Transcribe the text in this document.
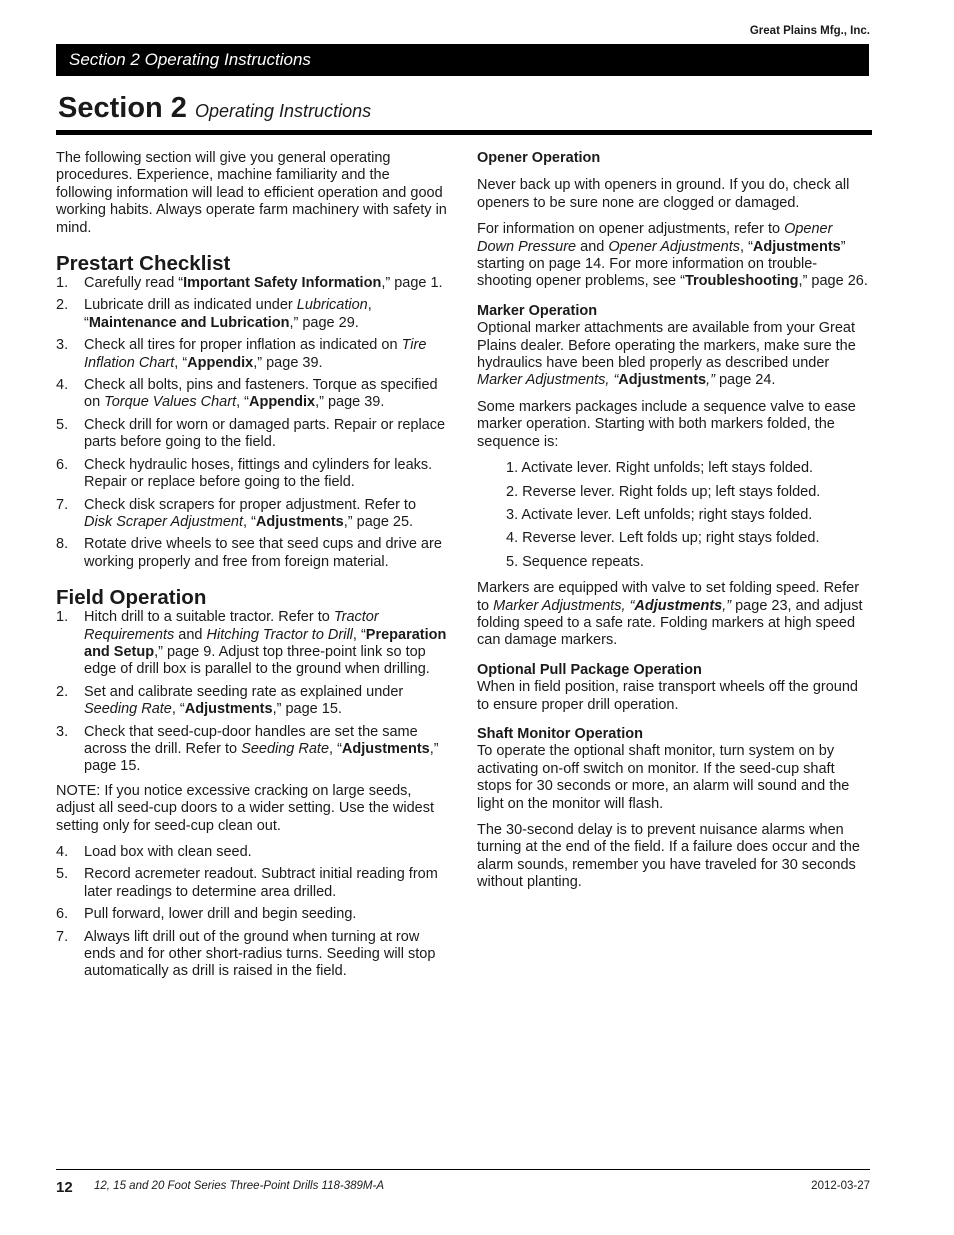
Great Plains Mfg., Inc.
Section 2 Operating Instructions
Section 2 Operating Instructions

The following section will give you general operating procedures. Experience, machine familiarity and the following information will lead to efficient operation and good working habits. Always operate farm machinery with safety in mind.

Prestart Checklist
1.	Carefully read “Important Safety Information,” page 1.
2.	Lubricate drill as indicated under Lubrication, “Maintenance and Lubrication,” page 29.
3.	Check all tires for proper inflation as indicated on Tire Inflation Chart, “Appendix,” page 39.
4.	Check all bolts, pins and fasteners. Torque as specified on Torque Values Chart, “Appendix,” page 39.
5.	Check drill for worn or damaged parts. Repair or replace parts before going to the field.
6.	Check hydraulic hoses, fittings and cylinders for leaks. Repair or replace before going to the field.
7.	Check disk scrapers for proper adjustment. Refer to Disk Scraper Adjustment, “Adjustments,” page 25.
8.	Rotate drive wheels to see that seed cups and drive are working properly and free from foreign material.
Field Operation
1.	Hitch drill to a suitable tractor. Refer to Tractor Requirements and Hitching Tractor to Drill, “Preparation and Setup,” page 9. Adjust top three-point link so top edge of drill box is parallel to the ground when drilling.
2.	Set and calibrate seeding rate as explained under Seeding Rate, “Adjustments,” page 15.
3.	Check that seed-cup-door handles are set the same across the drill. Refer to Seeding Rate, “Adjustments,” page 15.

NOTE: If you notice excessive cracking on large seeds, adjust all seed-cup doors to a wider setting. Use the widest setting only for seed-cup clean out.

4.	Load box with clean seed.
5.	Record acremeter readout. Subtract initial reading from later readings to determine area drilled.
6.	Pull forward, lower drill and begin seeding.
7.	Always lift drill out of the ground when turning at row ends and for other short-radius turns. Seeding will stop automatically as drill is raised in the field.
Opener Operation

Never back up with openers in ground. If you do, check all openers to be sure none are clogged or damaged.

For information on opener adjustments, refer to Opener Down Pressure and Opener Adjustments, “Adjustments” starting on page 14. For more information on trouble-shooting opener problems, see “Troubleshooting,” page 26.

Marker Operation

Optional marker attachments are available from your Great Plains dealer. Before operating the markers, make sure the hydraulics have been bled properly as described under Marker Adjustments, “Adjustments,” page 24.

Some markers packages include a sequence valve to ease marker operation. Starting with both markers folded, the sequence is:

1. Activate lever. Right unfolds; left stays folded.
2. Reverse lever. Right folds up; left stays folded.
3. Activate lever. Left unfolds; right stays folded.
4. Reverse lever. Left folds up; right stays folded.
5. Sequence repeats.

Markers are equipped with valve to set folding speed. Refer to Marker Adjustments, “Adjustments,” page 23, and adjust folding speed to a safe rate. Folding markers at high speed can damage markers.

Optional Pull Package Operation

When in field position, raise transport wheels off the ground to ensure proper drill operation.

Shaft Monitor Operation

To operate the optional shaft monitor, turn system on by activating on-off switch on monitor. If the seed-cup shaft stops for 30 seconds or more, an alarm will sound and the light on the monitor will flash.

The 30-second delay is to prevent nuisance alarms when turning at the end of the field. If a failure does occur and the alarm sounds, remember you have traveled for 30 seconds without planting.

12 12, 15 and 20 Foot Series Three-Point Drills 118-389M-A	2012-03-27
